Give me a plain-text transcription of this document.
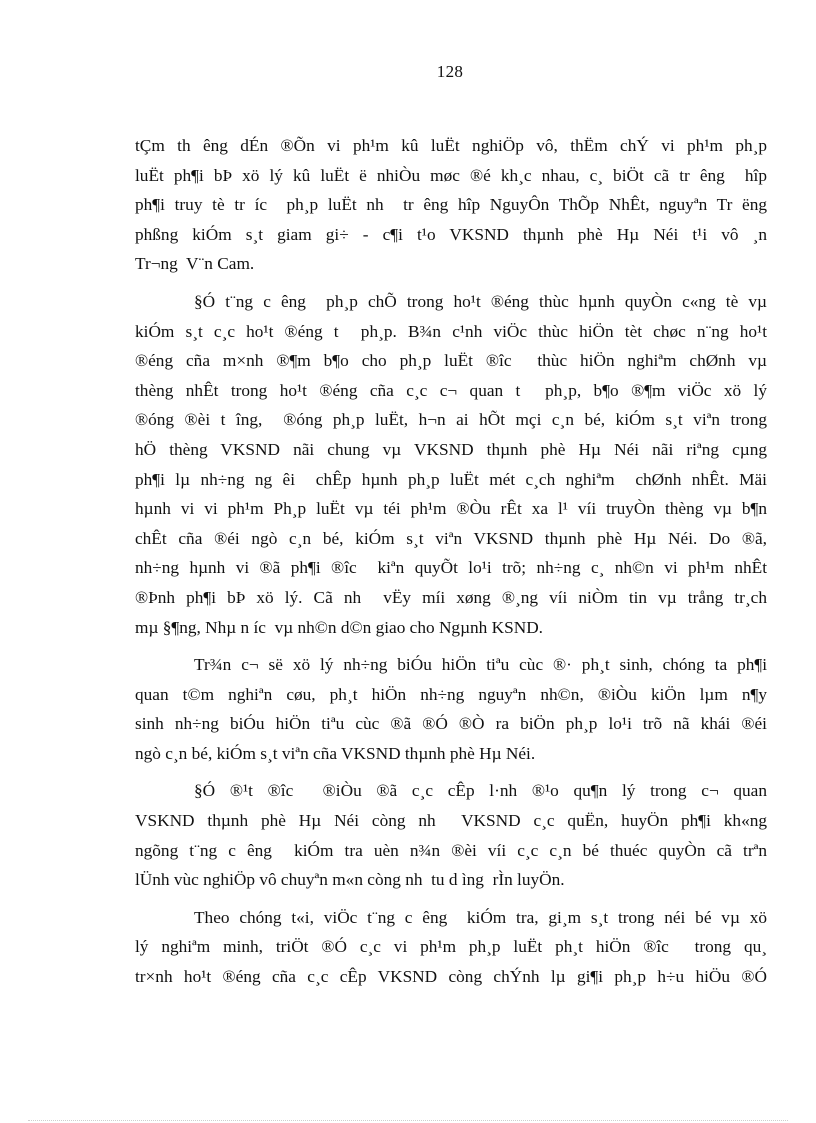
128
tÇm th êng dÉn ®Õn vi ph¹m kû luËt nghiÖp vô, thËm chÝ vi ph¹m ph¸p
luËt ph¶i bÞ xö lý kû luËt ë nhiÒu møc ®é kh¸c nhau, c¸ biÖt cã tr êng  hîp
ph¶i truy tè tr íc  ph¸p luËt nh  tr êng hîp NguyÔn ThÕp NhÊt, nguyªn Tr ëng
phßng kiÓm s¸t giam gi÷ - c¶i t¹o VKSND thµnh phè Hµ Néi t¹i vô ¸n
Tr¬ng  V¨n Cam.
§Ó t¨ng c êng  ph¸p chÕ trong ho¹t ®éng thùc hµnh quyÒn c«ng tè vµ
kiÓm s¸t c¸c ho¹t ®éng t  ph¸p. B¾n c¹nh viÖc thùc hiÖn tèt chøc n¨ng ho¹t
®éng cña m×nh ®¶m b¶o cho ph¸p luËt ®îc  thùc hiÖn nghiªm chØnh vµ
thèng nhÊt trong ho¹t ®éng cña c¸c c¬ quan t  ph¸p, b¶o ®¶m viÖc xö lý
®óng ®èi t îng,  ®óng ph¸p luËt, h¬n ai hÕt mçi c¸n bé, kiÓm s¸t viªn trong
hÖ thèng VKSND nãi chung vµ VKSND thµnh phè Hµ Néi nãi riªng cµng
ph¶i lµ nh÷ng ng êi  chÊp hµnh ph¸p luËt mét c¸ch nghiªm  chØnh nhÊt. Mäi
hµnh vi vi ph¹m Ph¸p luËt vµ téi ph¹m ®Òu rÊt xa l¹ víi truyÒn thèng vµ b¶n
chÊt cña ®éi ngò c¸n bé, kiÓm s¸t viªn VKSND thµnh phè Hµ Néi. Do ®ã,
nh÷ng hµnh vi ®ã ph¶i ®îc  kiªn quyÕt lo¹i trõ; nh÷ng c¸ nh©n vi ph¹m nhÊt
®Þnh ph¶i bÞ xö lý. Cã nh  vËy míi xøng ®¸ng víi niÒm tin vµ trång tr¸ch
mµ §¶ng, Nhµ n íc  vµ nh©n d©n giao cho Ngµnh KSND.
Tr¾n c¬ së xö lý nh÷ng biÓu hiÖn tiªu cùc ®· ph¸t sinh, chóng ta ph¶i
quan t©m nghiªn cøu, ph¸t hiÖn nh÷ng nguyªn nh©n, ®iÒu kiÖn lµm n¶y
sinh nh÷ng biÓu hiÖn tiªu cùc ®ã ®Ó ®Ò ra biÖn ph¸p lo¹i trõ nã khái ®éi
ngò c¸n bé, kiÓm s¸t viªn cña VKSND thµnh phè Hµ Néi.
§Ó ®¹t ®îc  ®iÒu ®ã c¸c cÊp l·nh ®¹o qu¶n lý trong c¬ quan
VSKND thµnh phè Hµ Néi còng nh  VKSND c¸c quËn, huyÖn ph¶i kh«ng
ngõng t¨ng c êng  kiÓm tra uèn n¾n ®èi víi c¸c c¸n bé thuéc quyÒn cã trªn
lÜnh vùc nghiÖp vô chuyªn m«n còng nh  tu d ìng  rÌn luyÖn.
Theo chóng t«i, viÖc t¨ng c êng  kiÓm tra, gi¸m s¸t trong néi bé vµ xö
lý nghiªm minh, triÖt ®Ó c¸c vi ph¹m ph¸p luËt ph¸t hiÖn ®îc  trong qu¸
tr×nh ho¹t ®éng cña c¸c cÊp VKSND còng chÝnh lµ gi¶i ph¸p h÷u hiÖu ®Ó
